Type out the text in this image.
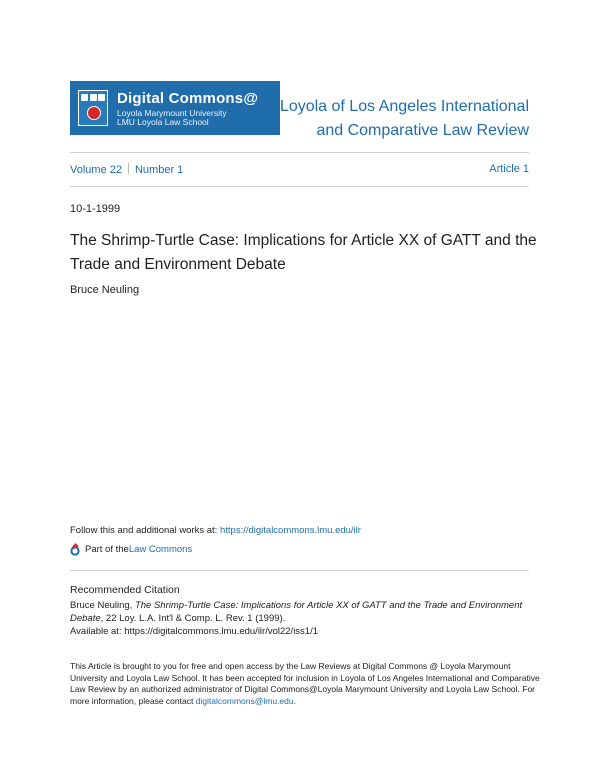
Digital Commons@
Loyola Marymount University
LMU Loyola Law School
Loyola of Los Angeles International
and Comparative Law Review
Volume 22 Number 1	Article 1
10-1-1999
The Shrimp-Turtle Case: Implications for Article XX of GATT and the Trade and Environment Debate
Bruce Neuling
Follow this and additional works at: https://digitalcommons.lmu.edu/ilr
Part of the Law Commons
Recommended Citation
Bruce Neuling, The Shrimp-Turtle Case: Implications for Article XX of GATT and the Trade and Environment Debate, 22 Loy. L.A. Int'l & Comp. L. Rev. 1 (1999).
Available at: https://digitalcommons.lmu.edu/ilr/vol22/iss1/1
This Article is brought to you for free and open access by the Law Reviews at Digital Commons @ Loyola Marymount University and Loyola Law School. It has been accepted for inclusion in Loyola of Los Angeles International and Comparative Law Review by an authorized administrator of Digital Commons@Loyola Marymount University and Loyola Law School. For more information, please contact digitalcommons@lmu.edu.
